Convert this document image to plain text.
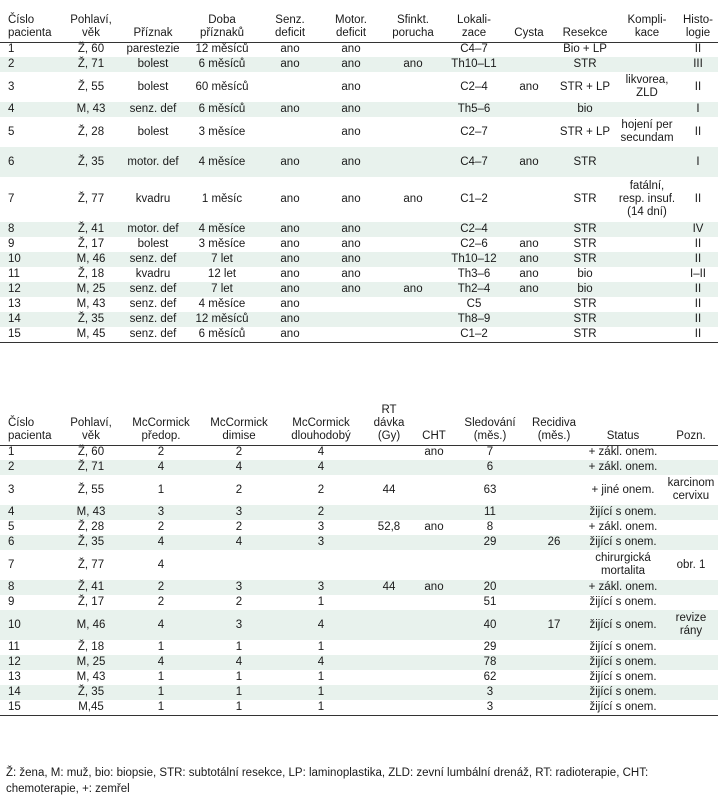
Číslo pacienta	Pohlaví, věk	Příznak	Doba příznaků	Senz. deficit	Motor. deficit	Sfinkt. porucha	Lokali-zace	Cysta	Resekce	Kompli-kace	Histo-logie
1	Ž, 60	parestezie	12 měsíců	ano	ano		C4–7		Bio + LP		II
2	Ž, 71	bolest	6 měsíců	ano	ano	ano	Th10–L1		STR		III
3	Ž, 55	bolest	60 měsíců		ano		C2–4	ano	STR + LP	likvorea, ZLD	II
4	M, 43	senz. def	6 měsíců	ano	ano		Th5–6		bio		I
5	Ž, 28	bolest	3 měsíce		ano		C2–7		STR + LP	hojení per secundam	II
6	Ž, 35	motor. def	4 měsíce	ano	ano		C4–7	ano	STR		I
7	Ž, 77	kvadru	1 měsíc	ano	ano	ano	C1–2		STR	fatální, resp. insuf. (14 dní)	II
8	Ž, 41	motor. def	4 měsíce	ano	ano		C2–4		STR		IV
9	Ž, 17	bolest	3 měsíce	ano	ano		C2–6	ano	STR		II
10	M, 46	senz. def	7 let	ano	ano		Th10–12	ano	STR		II
11	Ž, 18	kvadru	12 let	ano	ano		Th3–6	ano	bio		I–II
12	M, 25	senz. def	7 let	ano	ano	ano	Th2–4	ano	bio		II
13	M, 43	senz. def	4 měsíce	ano			C5		STR		II
14	Ž, 35	senz. def	12 měsíců	ano			Th8–9		STR		II
15	M, 45	senz. def	6 měsíců	ano			C1–2		STR		II
Číslo pacienta	Pohlaví, věk	McCormick předop.	McCormick dimise	McCormick dlouhodobý	RT dávka (Gy)	CHT	Sledování (měs.)	Recidiva (měs.)	Status	Pozn.
1	Ž, 60	2	2	4		ano	7		+ zákl. onem.	
2	Ž, 71	4	4	4			6		+ zákl. onem.	
3	Ž, 55	1	2	2	44		63		+ jiné onem.	karcinom cervixu
4	M, 43	3	3	2			11		žijící s onem.	
5	Ž, 28	2	2	3	52,8	ano	8		+ zákl. onem.	
6	Ž, 35	4	4	3			29	26	žijící s onem.	
7	Ž, 77	4							chirurgická mortalita	obr. 1
8	Ž, 41	2	3	3	44	ano	20		+ zákl. onem.	
9	Ž, 17	2	2	1			51		žijící s onem.	
10	M, 46	4	3	4			40	17	žijící s onem.	revize rány
11	Ž, 18	1	1	1			29		žijící s onem.	
12	M, 25	4	4	4			78		žijící s onem.	
13	M, 43	1	1	1			62		žijící s onem.	
14	Ž, 35	1	1	1			3		žijící s onem.	
15	M,45	1	1	1			3		žijící s onem.	
Ž: žena, M: muž, bio: biopsie, STR: subtotální resekce, LP: laminoplastika, ZLD: zevní lumbální drenáž, RT: radioterapie, CHT: chemoterapie, +: zemřel
